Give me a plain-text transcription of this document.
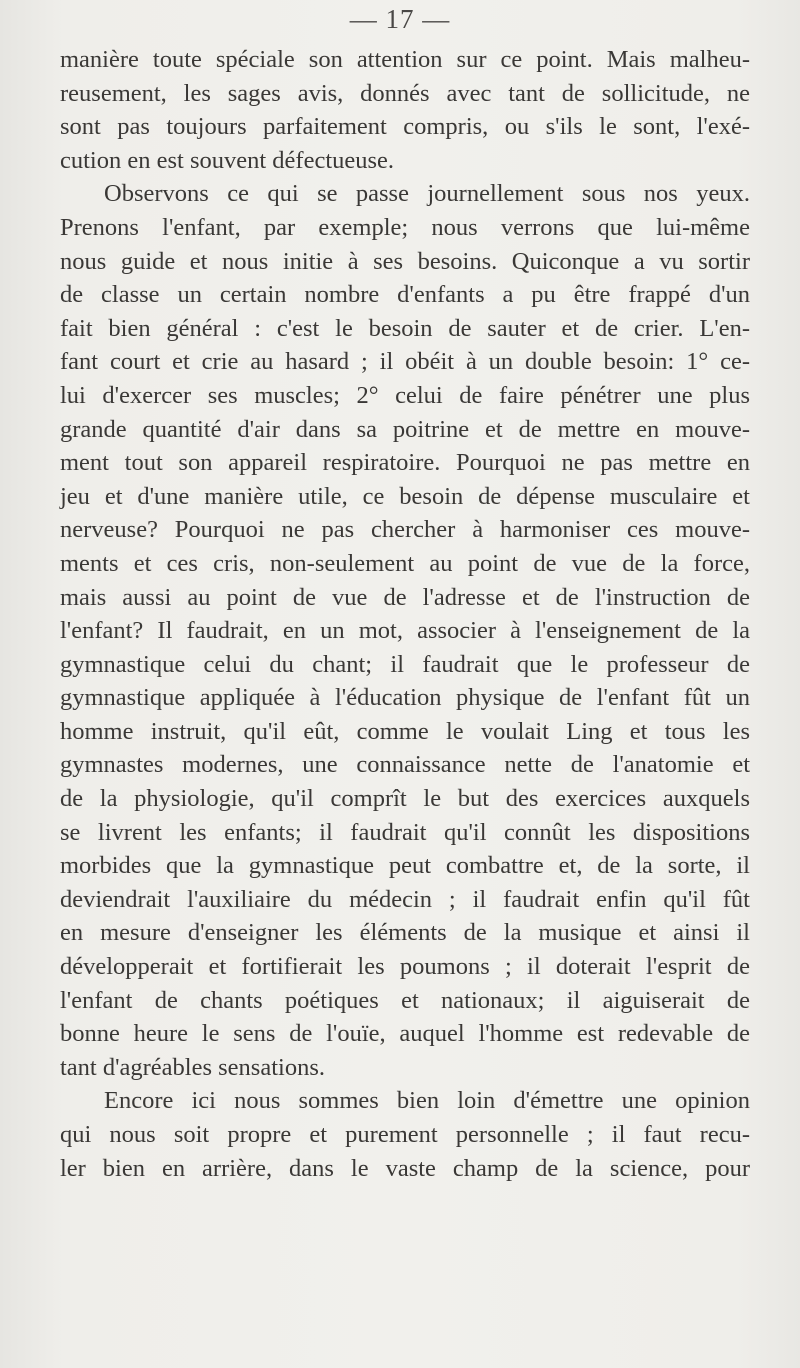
— 17 —

manière toute spéciale son attention sur ce point. Mais malheu-
reusement, les sages avis, donnés avec tant de sollicitude, ne
sont pas toujours parfaitement compris, ou s'ils le sont, l'exé-
cution en est souvent défectueuse.

Observons ce qui se passe journellement sous nos yeux.
Prenons l'enfant, par exemple; nous verrons que lui-même
nous guide et nous initie à ses besoins. Quiconque a vu sortir
de classe un certain nombre d'enfants a pu être frappé d'un
fait bien général : c'est le besoin de sauter et de crier. L'en-
fant court et crie au hasard ; il obéit à un double besoin: 1° ce-
lui d'exercer ses muscles; 2° celui de faire pénétrer une plus
grande quantité d'air dans sa poitrine et de mettre en mouve-
ment tout son appareil respiratoire. Pourquoi ne pas mettre en
jeu et d'une manière utile, ce besoin de dépense musculaire et
nerveuse? Pourquoi ne pas chercher à harmoniser ces mouve-
ments et ces cris, non-seulement au point de vue de la force,
mais aussi au point de vue de l'adresse et de l'instruction de
l'enfant? Il faudrait, en un mot, associer à l'enseignement de la
gymnastique celui du chant; il faudrait que le professeur de
gymnastique appliquée à l'éducation physique de l'enfant fût un
homme instruit, qu'il eût, comme le voulait Ling et tous les
gymnastes modernes, une connaissance nette de l'anatomie et
de la physiologie, qu'il comprît le but des exercices auxquels
se livrent les enfants; il faudrait qu'il connût les dispositions
morbides que la gymnastique peut combattre et, de la sorte, il
deviendrait l'auxiliaire du médecin ; il faudrait enfin qu'il fût
en mesure d'enseigner les éléments de la musique et ainsi il
développerait et fortifierait les poumons ; il doterait l'esprit de
l'enfant de chants poétiques et nationaux; il aiguiserait de
bonne heure le sens de l'ouïe, auquel l'homme est redevable de
tant d'agréables sensations.

Encore ici nous sommes bien loin d'émettre une opinion
qui nous soit propre et purement personnelle ; il faut recu-
ler bien en arrière, dans le vaste champ de la science, pour
